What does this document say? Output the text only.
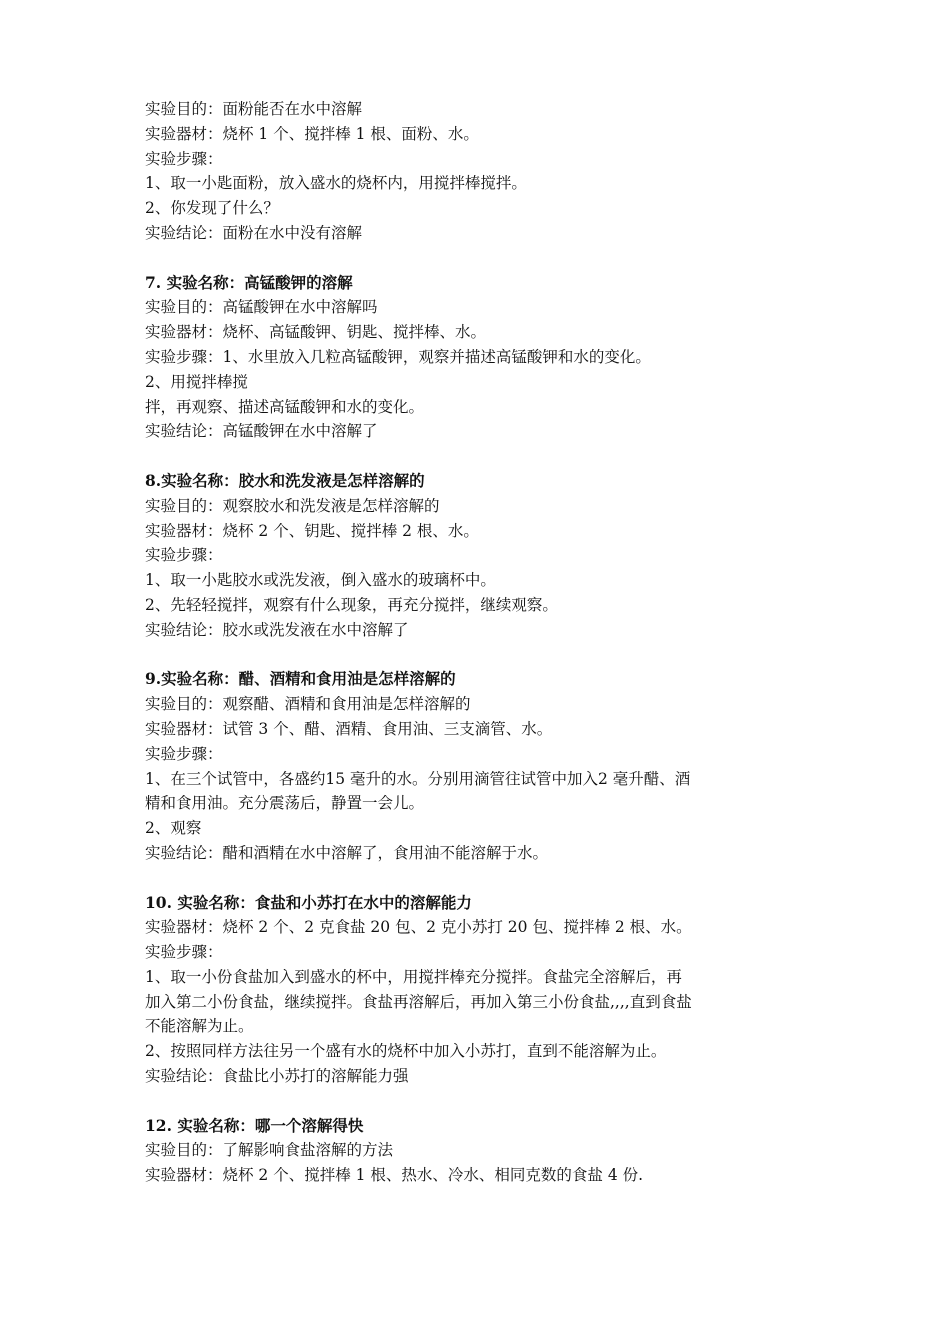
实验目的：面粉能否在水中溶解
实验器材：烧杯 1 个、搅拌棒 1 根、面粉、水。
实验步骤：
1、取一小匙面粉，放入盛水的烧杯内，用搅拌棒搅拌。
2、你发现了什么？
实验结论：面粉在水中没有溶解
7. 实验名称：高锰酸钾的溶解
实验目的：高锰酸钾在水中溶解吗
实验器材：烧杯、高锰酸钾、钥匙、搅拌棒、水。
实验步骤：1、水里放入几粒高锰酸钾，观察并描述高锰酸钾和水的变化。
2、用搅拌棒搅
拌，再观察、描述高锰酸钾和水的变化。
实验结论：高锰酸钾在水中溶解了
8.实验名称：胶水和洗发液是怎样溶解的
实验目的：观察胶水和洗发液是怎样溶解的
实验器材：烧杯 2 个、钥匙、搅拌棒 2 根、水。
实验步骤：
1、取一小匙胶水或洗发液，倒入盛水的玻璃杯中。
2、先轻轻搅拌，观察有什么现象，再充分搅拌，继续观察。
实验结论：胶水或洗发液在水中溶解了
9.实验名称：醋、酒精和食用油是怎样溶解的
实验目的：观察醋、酒精和食用油是怎样溶解的
实验器材：试管 3 个、醋、酒精、食用油、三支滴管、水。
实验步骤：
1、在三个试管中，各盛约15 毫升的水。分别用滴管往试管中加入2 毫升醋、酒
精和食用油。充分震荡后，静置一会儿。
2、观察
实验结论：醋和酒精在水中溶解了，食用油不能溶解于水。
10. 实验名称：食盐和小苏打在水中的溶解能力
实验器材：烧杯 2 个、2 克食盐 20 包、2 克小苏打 20 包、搅拌棒 2 根、水。
实验步骤：
1、取一小份食盐加入到盛水的杯中，用搅拌棒充分搅拌。食盐完全溶解后，再
加入第二小份食盐，继续搅拌。食盐再溶解后，再加入第三小份食盐,,,,直到食盐
不能溶解为止。
2、按照同样方法往另一个盛有水的烧杯中加入小苏打，直到不能溶解为止。
实验结论：食盐比小苏打的溶解能力强
12. 实验名称：哪一个溶解得快
实验目的：了解影响食盐溶解的方法
实验器材：烧杯 2 个、搅拌棒 1 根、热水、冷水、相同克数的食盐 4 份.
